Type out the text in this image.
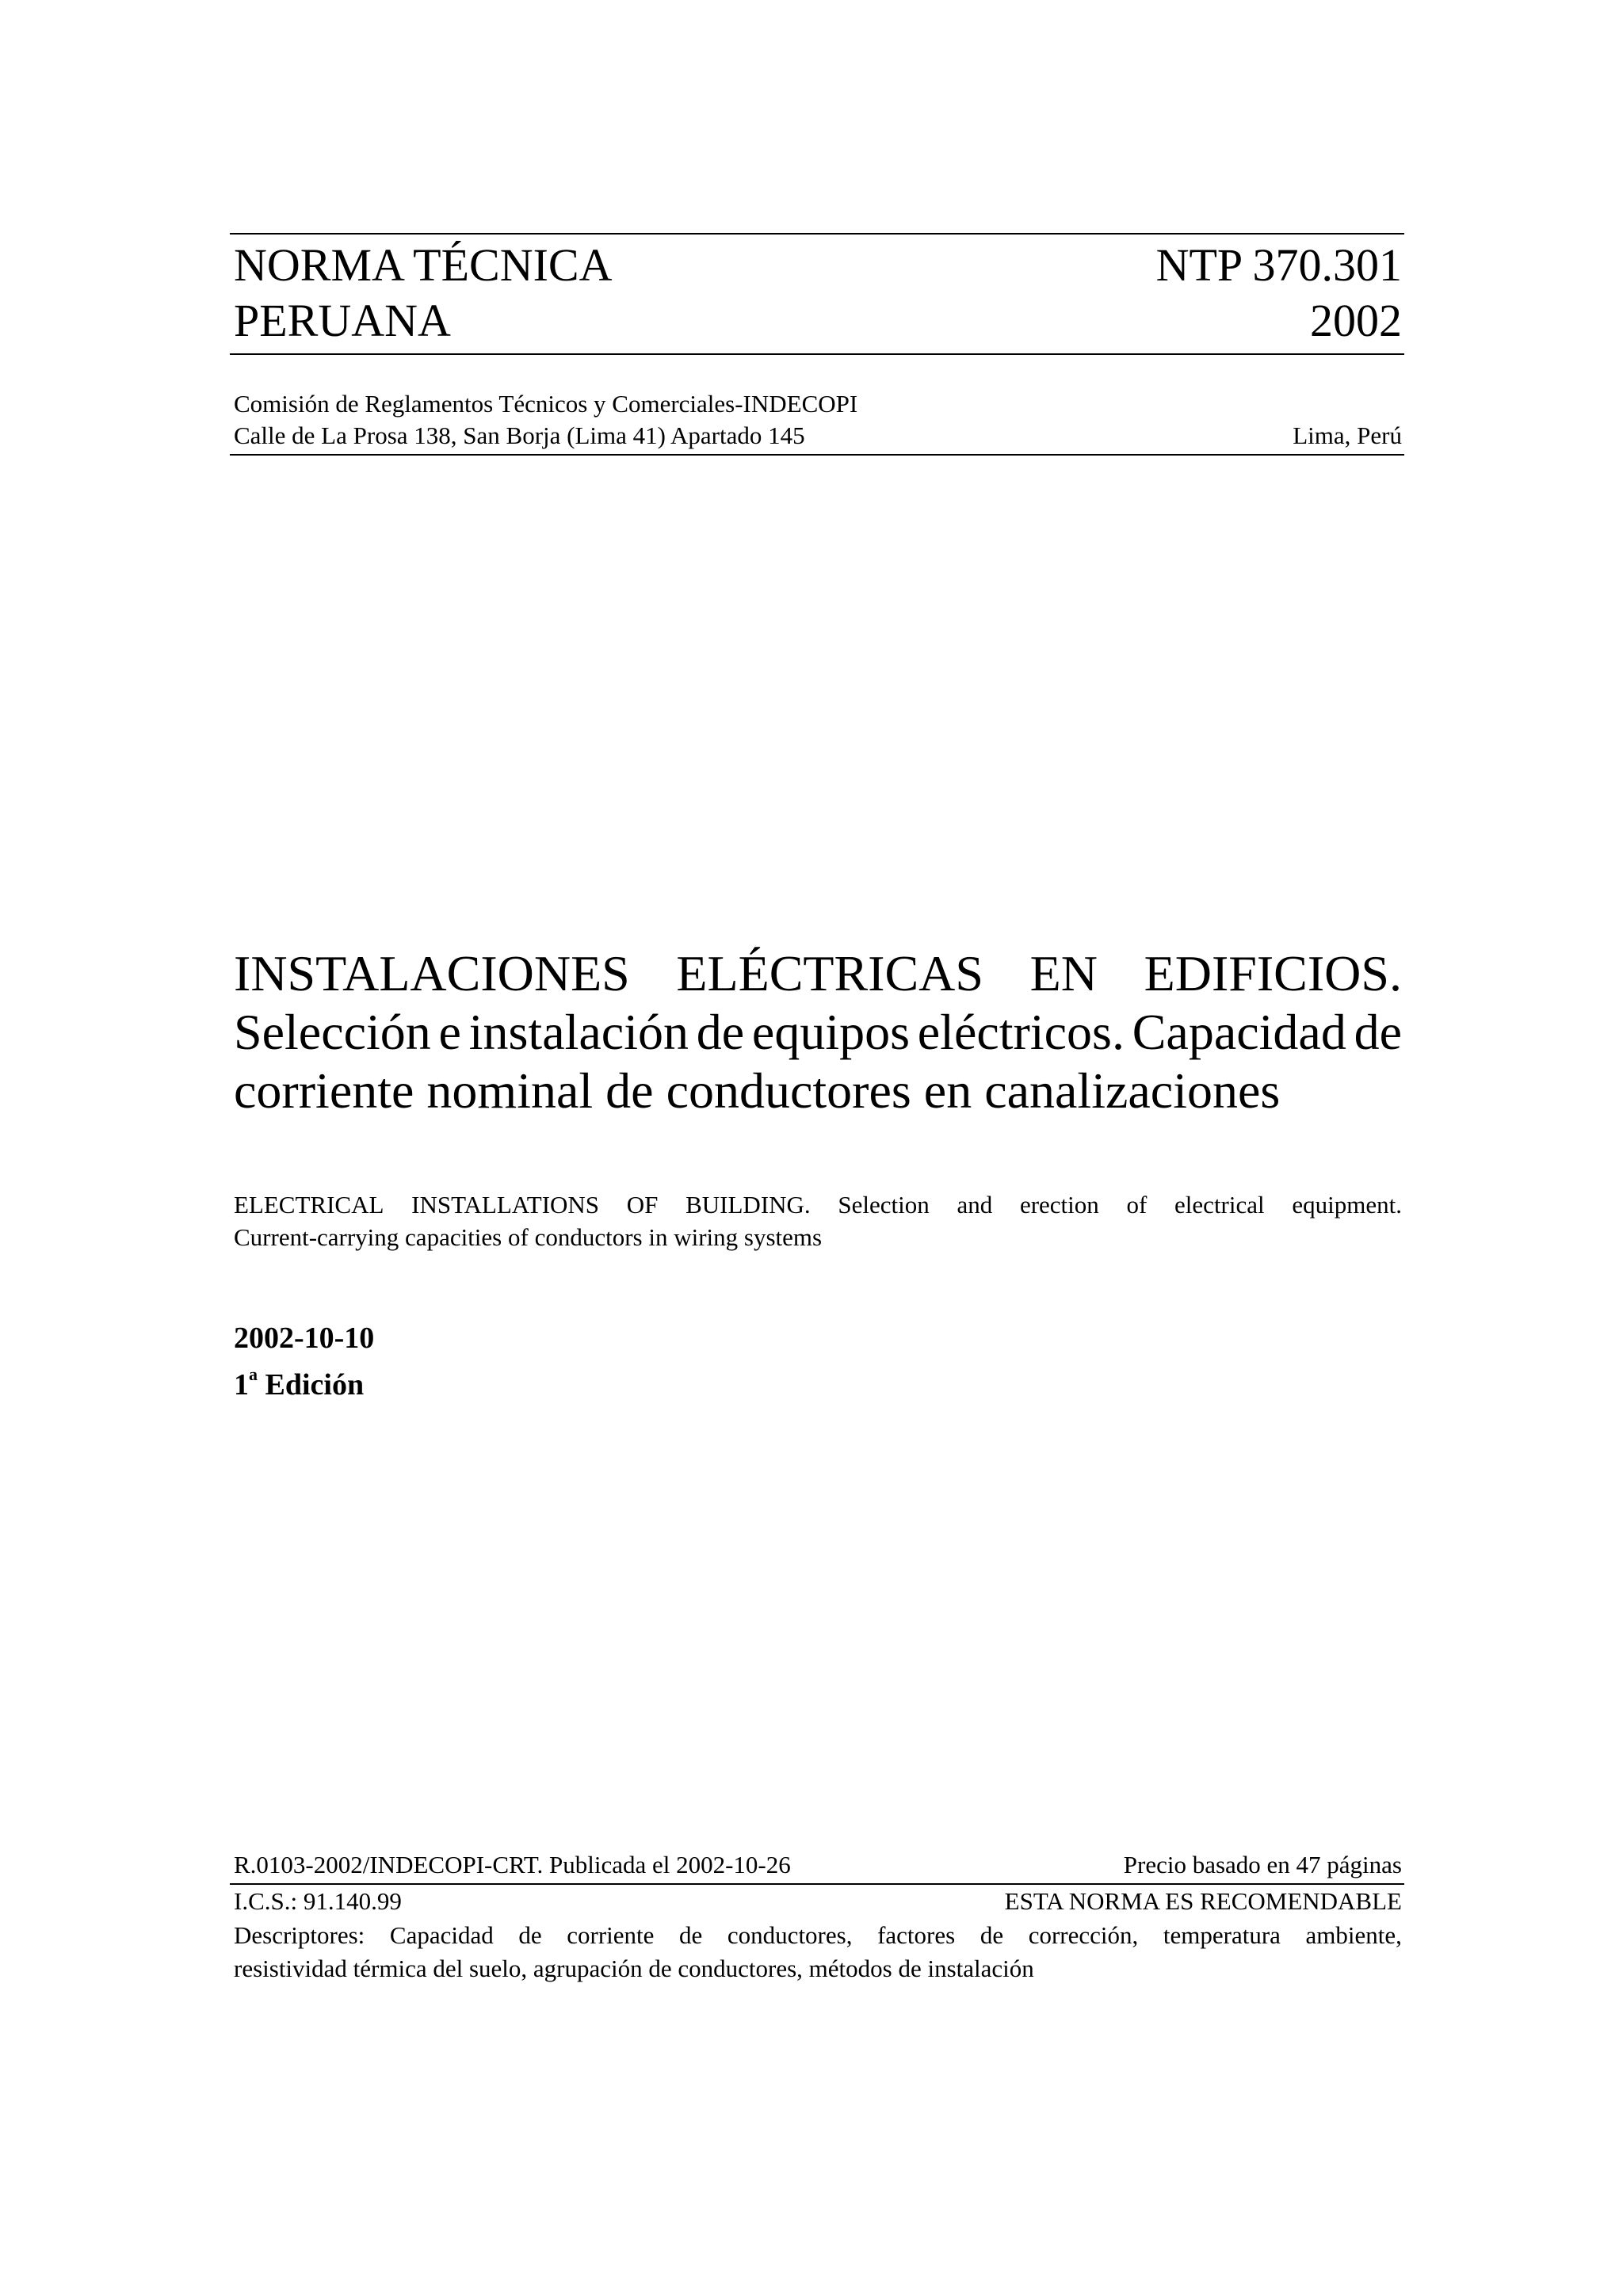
NORMA TÉCNICA	NTP 370.301
PERUANA	2002
Comisión de Reglamentos Técnicos y Comerciales-INDECOPI
Calle de La Prosa 138, San Borja (Lima 41) Apartado 145	Lima, Perú
INSTALACIONES ELÉCTRICAS EN EDIFICIOS.
Selección e instalación de equipos eléctricos. Capacidad de
corriente nominal de conductores en canalizaciones
ELECTRICAL INSTALLATIONS OF BUILDING. Selection and erection of electrical equipment.
Current-carrying capacities of conductors in wiring systems
2002-10-10
1$^a$ Edición
R.0103-2002/INDECOPI-CRT. Publicada el 2002-10-26	Precio basado en 47 páginas
I.C.S.: 91.140.99	ESTA NORMA ES RECOMENDABLE
Descriptores: Capacidad de corriente de conductores, factores de corrección, temperatura ambiente,
resistividad térmica del suelo, agrupación de conductores, métodos de instalación
